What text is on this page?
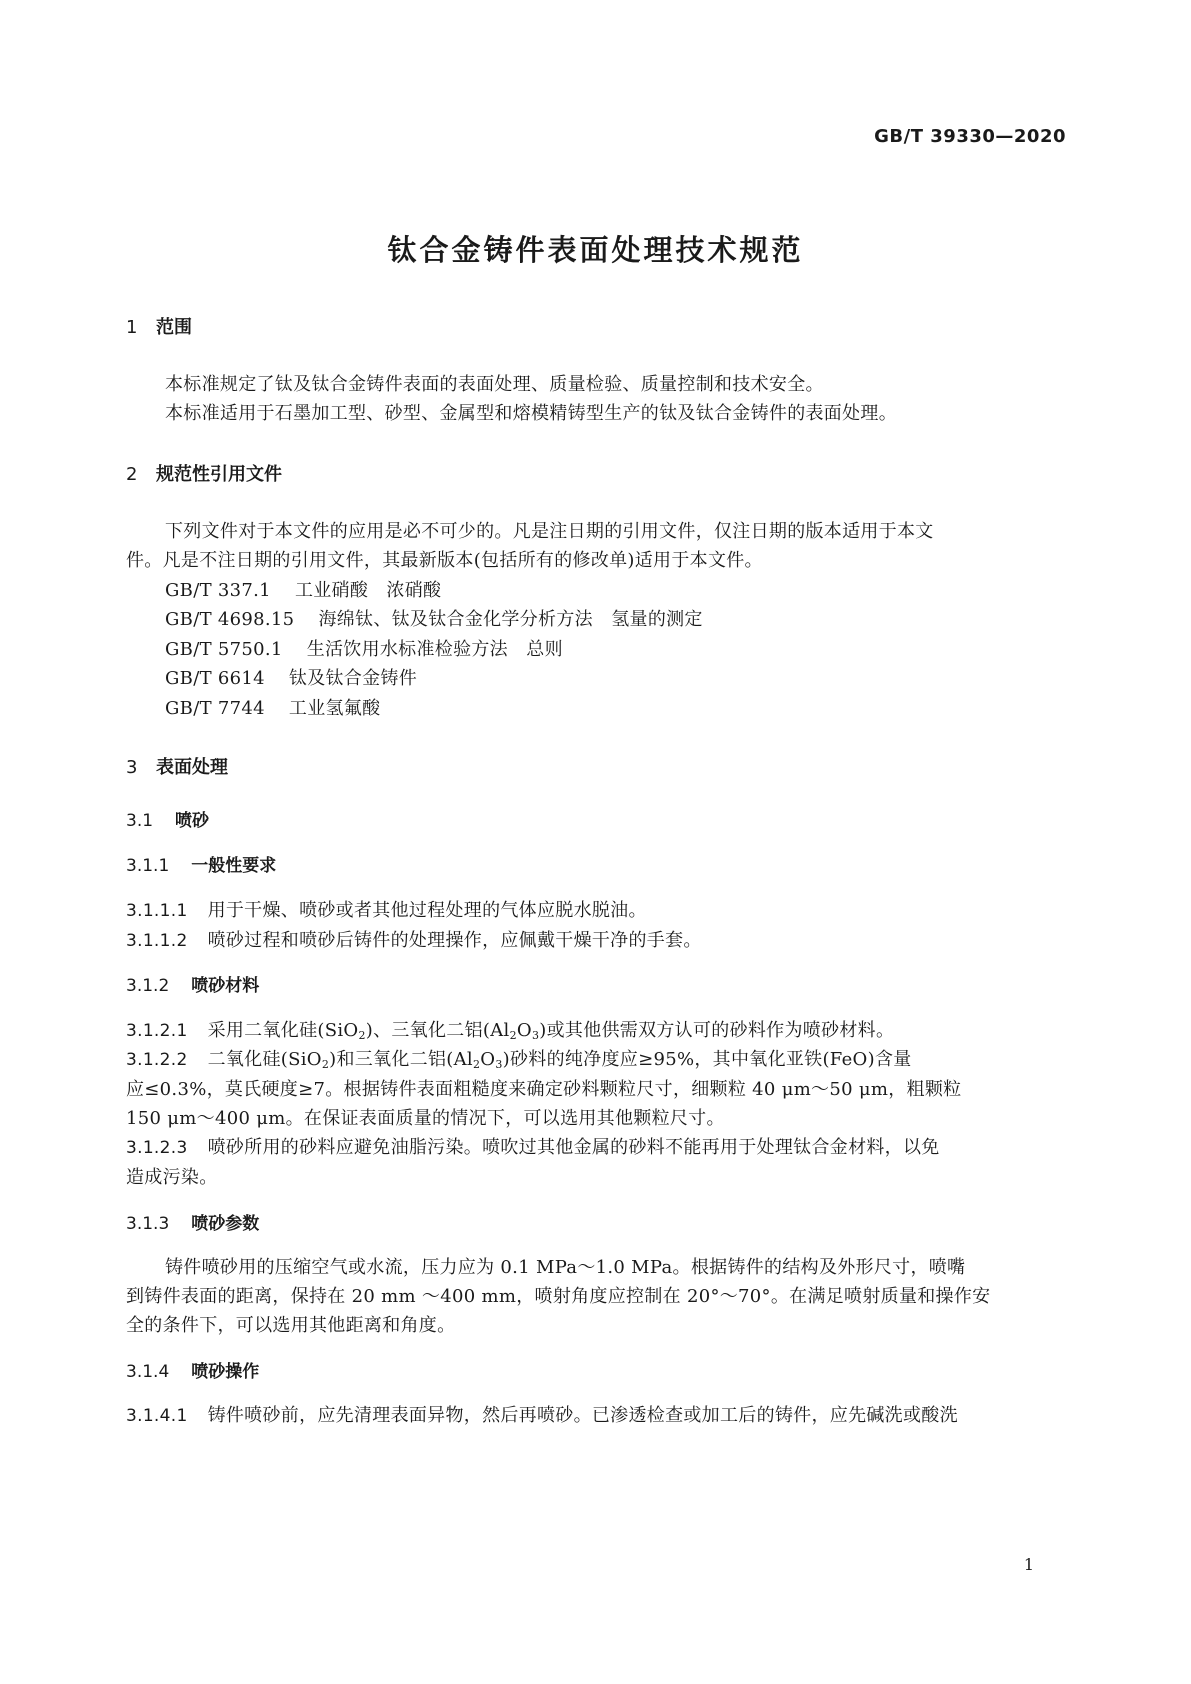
GB/T 39330—2020
钛合金铸件表面处理技术规范
1 范围
本标准规定了钛及钛合金铸件表面的表面处理、质量检验、质量控制和技术安全。
本标准适用于石墨加工型、砂型、金属型和熔模精铸型生产的钛及钛合金铸件的表面处理。
2 规范性引用文件
下列文件对于本文件的应用是必不可少的。凡是注日期的引用文件，仅注日期的版本适用于本文
件。凡是不注日期的引用文件，其最新版本(包括所有的修改单)适用于本文件。
GB/T 337.1 工业硝酸　浓硝酸
GB/T 4698.15 海绵钛、钛及钛合金化学分析方法　氢量的测定
GB/T 5750.1 生活饮用水标准检验方法　总则
GB/T 6614 钛及钛合金铸件
GB/T 7744 工业氢氟酸
3 表面处理
3.1 喷砂
3.1.1 一般性要求
3.1.1.1 用于干燥、喷砂或者其他过程处理的气体应脱水脱油。
3.1.1.2 喷砂过程和喷砂后铸件的处理操作，应佩戴干燥干净的手套。
3.1.2 喷砂材料
3.1.2.1 采用二氧化硅(SiO$_2$)、三氧化二铝$(Al_2O_3)$或其他供需双方认可的砂料作为喷砂材料。
3.1.2.2 二氧化硅(SiO$_2$)和三氧化二铝$(Al_2O_3)$砂料的纯净度应≥95%，其中氧化亚铁(FeO)含量
应≤0.3%，莫氏硬度≥7。根据铸件表面粗糙度来确定砂料颗粒尺寸，细颗粒 40 μm～50 μm，粗颗粒
150 μm～400 μm。在保证表面质量的情况下，可以选用其他颗粒尺寸。
3.1.2.3 喷砂所用的砂料应避免油脂污染。喷吹过其他金属的砂料不能再用于处理钛合金材料，以免
造成污染。
3.1.3 喷砂参数
铸件喷砂用的压缩空气或水流，压力应为 0.1 MPa～1.0 MPa。根据铸件的结构及外形尺寸，喷嘴
到铸件表面的距离，保持在 20 mm ～400 mm，喷射角度应控制在 20°～70°。在满足喷射质量和操作安
全的条件下，可以选用其他距离和角度。
3.1.4 喷砂操作
3.1.4.1 铸件喷砂前，应先清理表面异物，然后再喷砂。已渗透检查或加工后的铸件，应先碱洗或酸洗
1
